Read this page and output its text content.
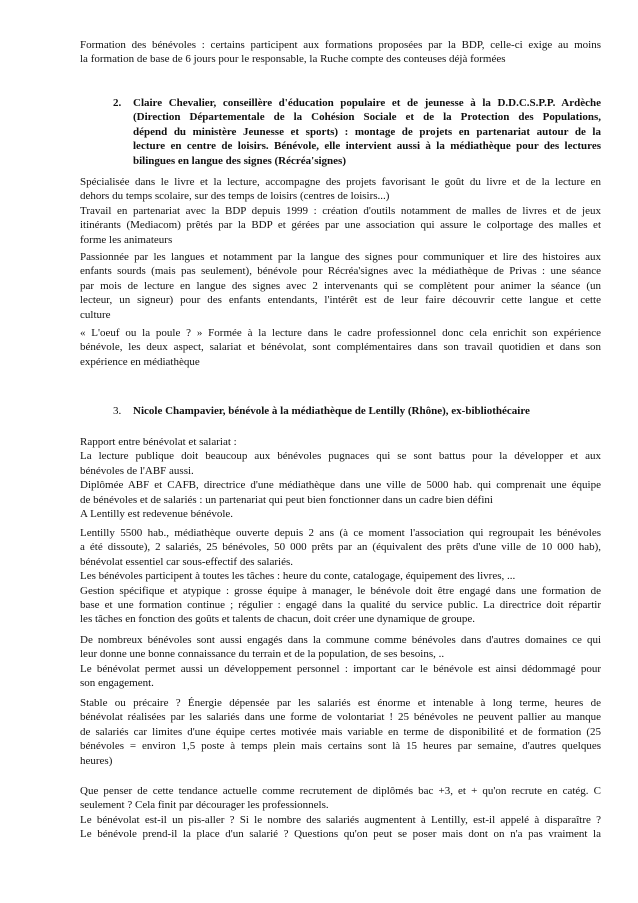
Formation des bénévoles : certains participent aux formations proposées par la BDP, celle-ci exige au moins
la formation de base de 6 jours pour le responsable, la Ruche compte des conteuses déjà formées

2.	Claire Chevalier, conseillère d'éducation populaire et de jeunesse à la D.D.C.S.P.P. Ardèche
(Direction Départementale de la Cohésion Sociale et de la Protection des Populations,
dépend du ministère Jeunesse et sports) : montage de projets en partenariat autour de la
lecture en centre de loisirs. Bénévole, elle intervient aussi à la médiathèque pour des lectures
bilingues en langue des signes (Récréa'signes)

Spécialisée dans le livre et la lecture, accompagne des projets favorisant le goût du livre et de la lecture en
dehors du temps scolaire, sur des temps de loisirs (centres de loisirs...)
Travail en partenariat avec la BDP depuis 1999 : création d'outils notamment de malles de livres et de jeux
itinérants (Mediacom) prêtés par la BDP et gérées par une association qui assure le colportage des malles et
forme les animateurs

Passionnée par les langues et notamment par la langue des signes pour communiquer et lire des histoires aux
enfants sourds (mais pas seulement), bénévole pour Récréa'signes avec la médiathèque de Privas : une séance
par mois de lecture en langue des signes avec 2 intervenants qui se complètent pour animer la séance (un
lecteur, un signeur) pour des enfants entendants, l'intérêt est de leur faire découvrir cette langue et cette
culture

« L'oeuf ou la poule ? » Formée à la lecture dans le cadre professionnel donc cela enrichit son expérience
bénévole, les deux aspect, salariat et bénévolat, sont complémentaires dans son travail quotidien et dans son
expérience en médiathèque

3.	Nicole Champavier, bénévole à la médiathèque de Lentilly (Rhône), ex-bibliothécaire

Rapport entre bénévolat et salariat :
La lecture publique doit beaucoup aux bénévoles pugnaces qui se sont battus pour la développer et aux
bénévoles de l'ABF aussi.
Diplômée ABF et CAFB, directrice d'une médiathèque dans une ville de 5000 hab. qui comprenait une équipe
de bénévoles et de salariés : un partenariat qui peut bien fonctionner dans un cadre bien défini
A Lentilly est redevenue bénévole.

Lentilly 5500 hab., médiathèque ouverte depuis 2 ans (à ce moment l'association qui regroupait les bénévoles
a été dissoute), 2 salariés, 25 bénévoles, 50 000 prêts par an (équivalent des prêts d'une ville de 10 000 hab),
bénévolat essentiel car sous-effectif des salariés.
Les bénévoles participent à toutes les tâches : heure du conte, catalogage, équipement des livres, ...
Gestion spécifique et atypique : grosse équipe à manager, le bénévole doit être engagé dans une formation de
base et une formation continue ; régulier : engagé dans la qualité du service public. La directrice doit répartir
les tâches en fonction des goûts et talents de chacun, doit créer une dynamique de groupe.

De nombreux bénévoles sont aussi engagés dans la commune comme bénévoles dans d'autres domaines ce qui
leur donne une bonne connaissance du terrain et de la population, de ses besoins, ..
Le bénévolat permet aussi un développement personnel : important car le bénévole est ainsi dédommagé pour
son engagement.

Stable ou précaire ? Énergie dépensée par les salariés est énorme et intenable à long terme, heures de
bénévolat réalisées par les salariés dans une forme de volontariat ! 25 bénévoles ne peuvent pallier au manque
de salariés car limites d'une équipe certes motivée mais variable en terme de disponibilité et de formation (25
bénévoles = environ 1,5 poste à temps plein mais certains sont là 15 heures par semaine, d'autres quelques
heures)

Que penser de cette tendance actuelle comme recrutement de diplômés bac +3, et + qu'on recrute en catég. C
seulement ? Cela finit par décourager les professionnels.
Le bénévolat est-il un pis-aller ? Si le nombre des salariés augmentent à Lentilly, est-il appelé à disparaître ?
Le bénévole prend-il la place d'un salarié ? Questions qu'on peut se poser mais dont on n'a pas vraiment la
